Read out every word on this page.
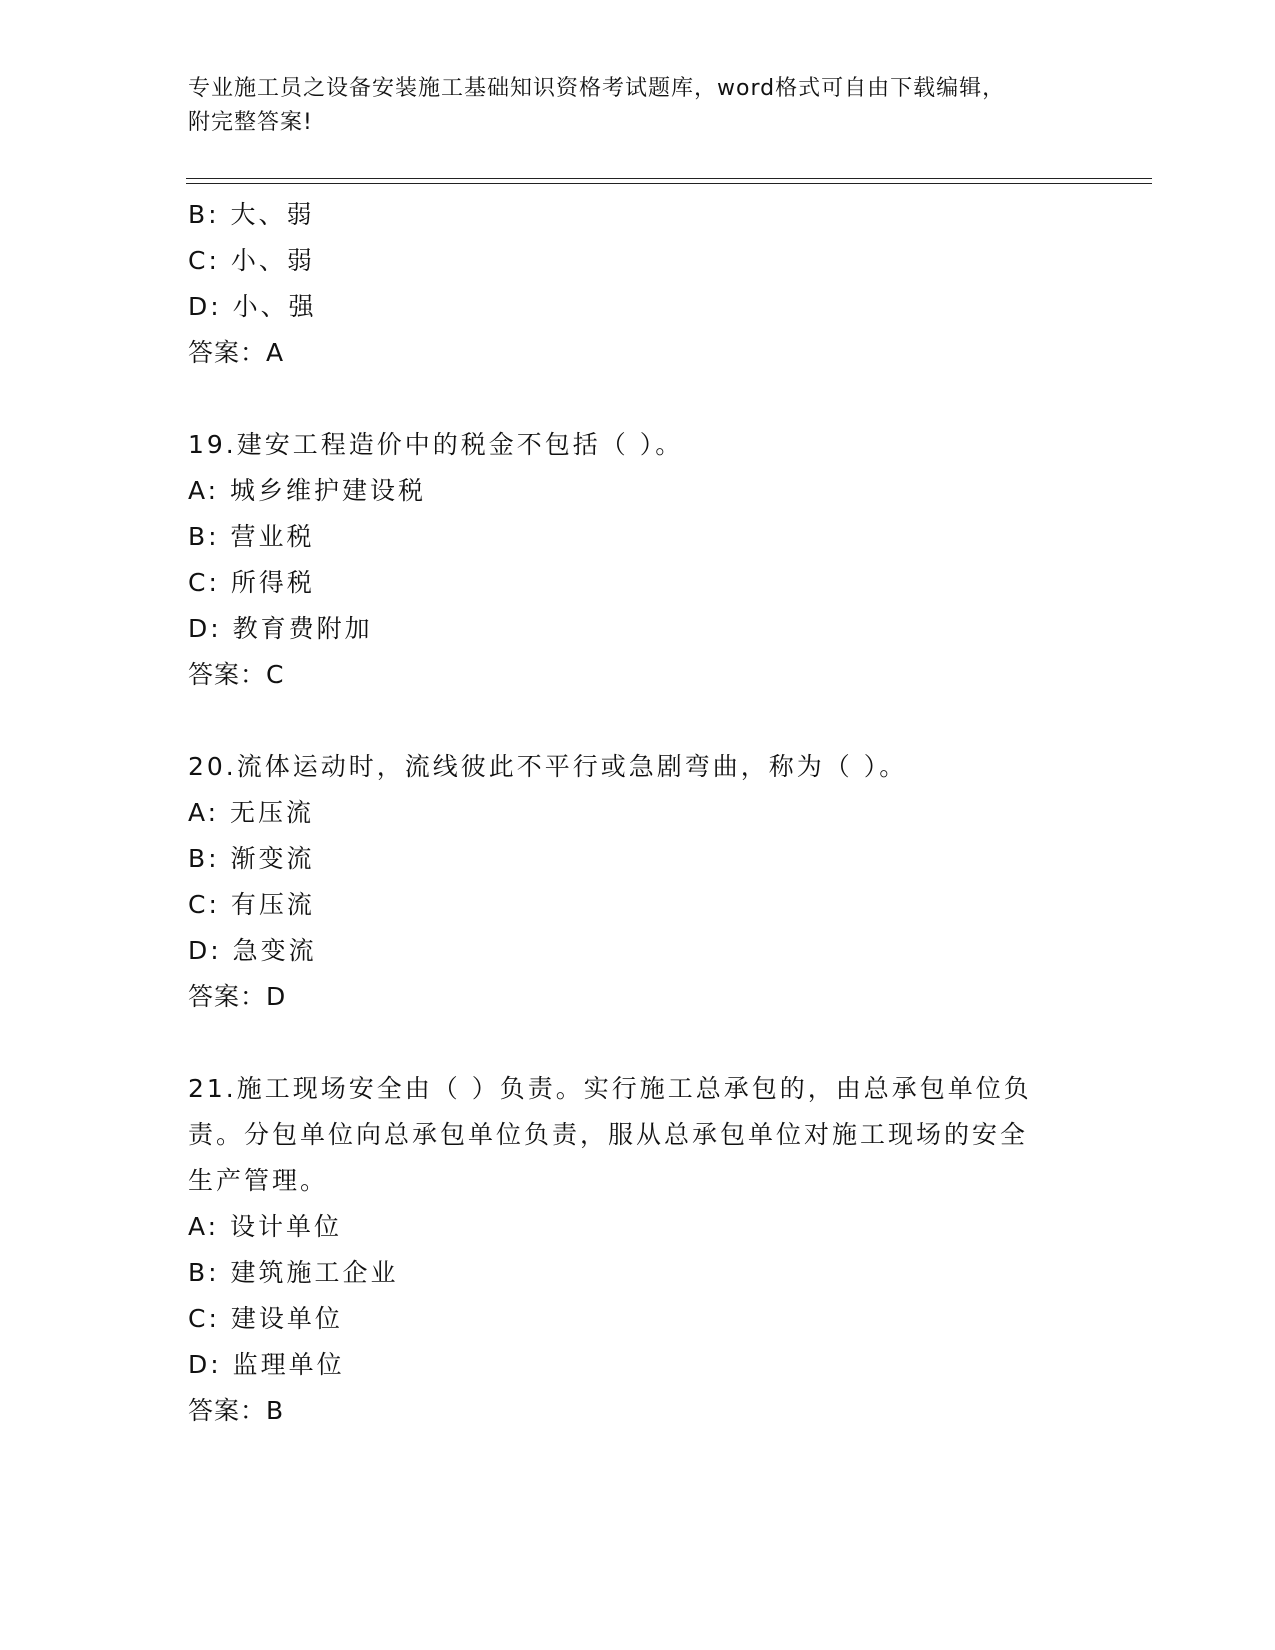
专业施工员之设备安装施工基础知识资格考试题库，word格式可自由下载编辑，
附完整答案!
B: 大、弱
C: 小、弱
D: 小、强
答案：A
19.建安工程造价中的税金不包括（ ）。
A: 城乡维护建设税
B: 营业税
C: 所得税
D: 教育费附加
答案：C
20.流体运动时，流线彼此不平行或急剧弯曲，称为（ ）。
A: 无压流
B: 渐变流
C: 有压流
D: 急变流
答案：D
21.施工现场安全由（ ）负责。实行施工总承包的，由总承包单位负
责。分包单位向总承包单位负责，服从总承包单位对施工现场的安全
生产管理。
A: 设计单位
B: 建筑施工企业
C: 建设单位
D: 监理单位
答案：B
